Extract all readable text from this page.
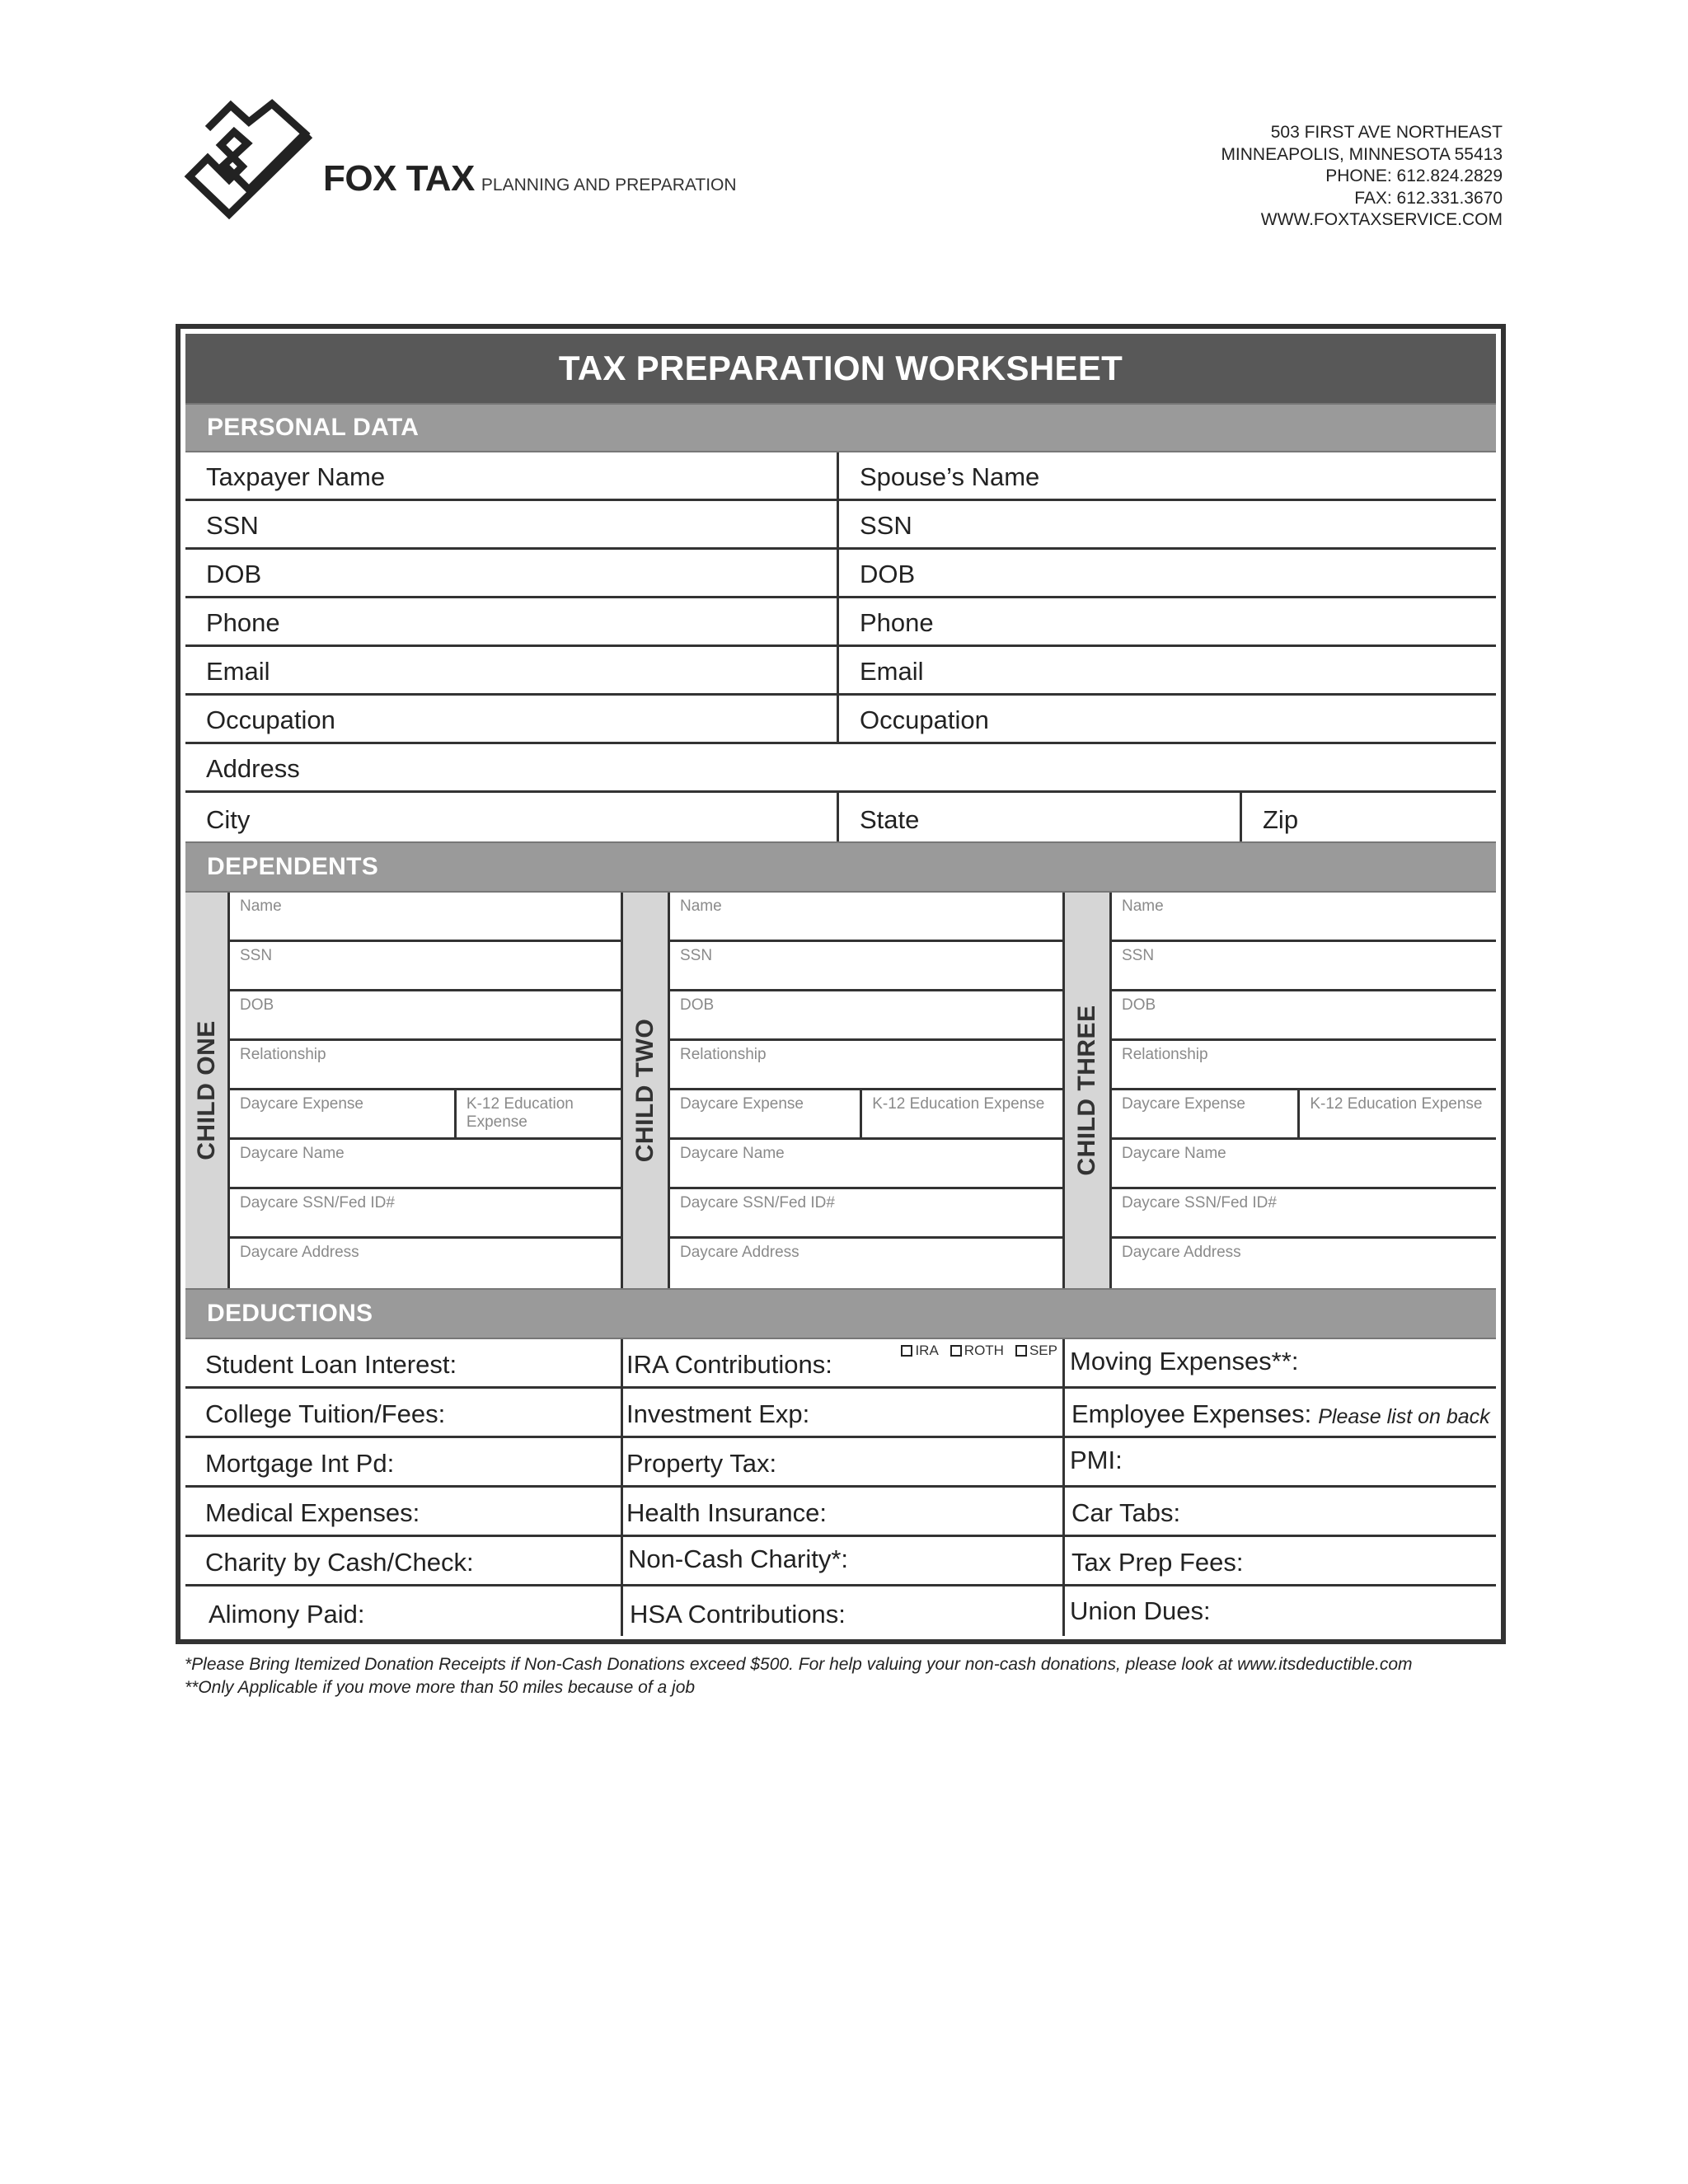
FOX TAX PLANNING AND PREPARATION
503 FIRST AVE NORTHEAST
MINNEAPOLIS, MINNESOTA 55413
PHONE: 612.824.2829
FAX: 612.331.3670
WWW.FOXTAXSERVICE.COM
TAX PREPARATION WORKSHEET
PERSONAL DATA
Taxpayer Name	Spouse’s Name
SSN	SSN
DOB	DOB
Phone	Phone
Email	Email
Occupation	Occupation
Address
City	State	Zip
DEPENDENTS
CHILD ONE
Name
SSN
DOB
Relationship
Daycare Expense	K-12 Education Expense
Daycare Name
Daycare SSN/Fed ID#
Daycare Address
CHILD TWO
Name
SSN
DOB
Relationship
Daycare Expense	K-12 Education Expense
Daycare Name
Daycare SSN/Fed ID#
Daycare Address
CHILD THREE
Name
SSN
DOB
Relationship
Daycare Expense	K-12 Education Expense
Daycare Name
Daycare SSN/Fed ID#
Daycare Address
DEDUCTIONS
Student Loan Interest:	IRA Contributions:	IRA ROTH SEP Moving Expenses**:
College Tuition/Fees:	Investment Exp:	Employee Expenses: Please list on back
Mortgage Int Pd:	Property Tax:	PMI:
Medical Expenses:	Health Insurance:	Car Tabs:
Charity by Cash/Check:	Non-Cash Charity*:	Tax Prep Fees:
Alimony Paid:	HSA Contributions:	Union Dues:
*Please Bring Itemized Donation Receipts if Non-Cash Donations exceed $500. For help valuing your non-cash donations, please look at www.itsdeductible.com
**Only Applicable if you move more than 50 miles because of a job
